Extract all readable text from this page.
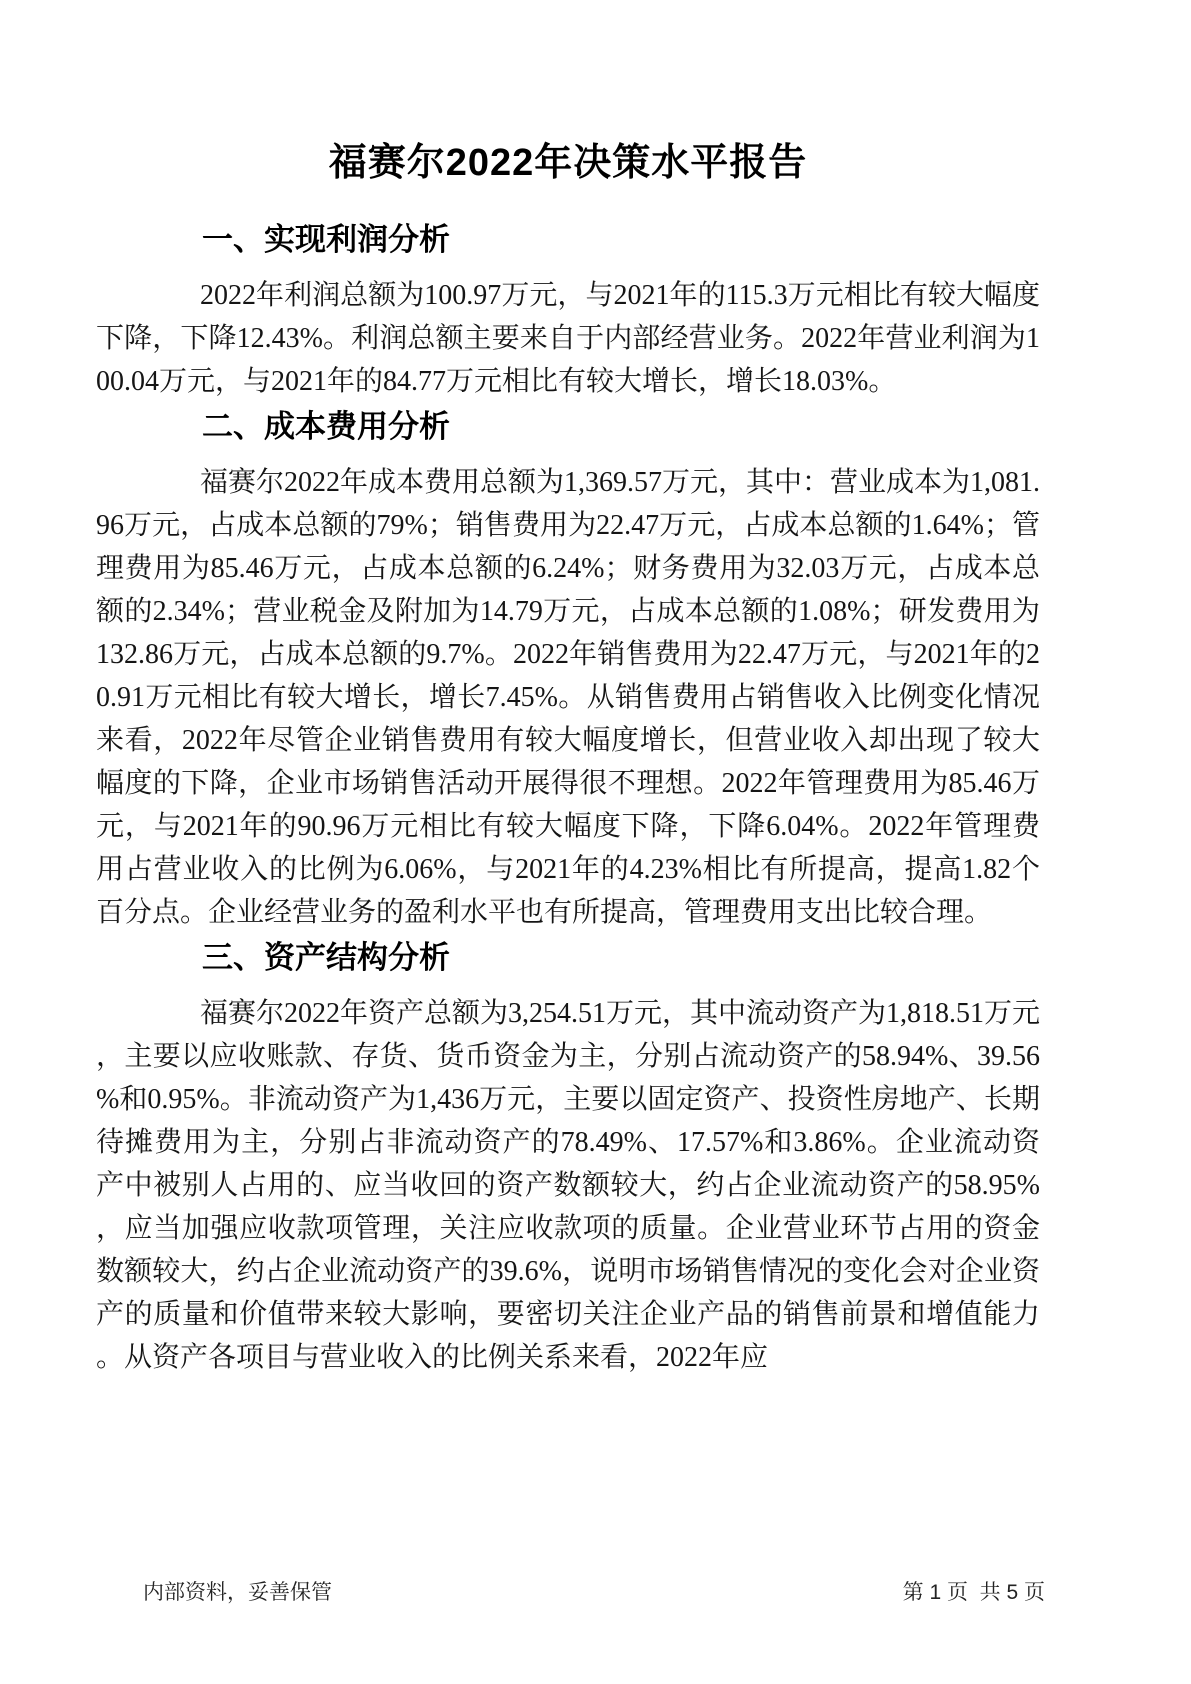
福赛尔2022年决策水平报告
一、实现利润分析

2022年利润总额为100.97万元，与2021年的115.3万元相比有较大幅度下降，下降12.43%。利润总额主要来自于内部经营业务。2022年营业利润为100.04万元，与2021年的84.77万元相比有较大增长，增长18.03%。

二、成本费用分析

福赛尔2022年成本费用总额为1,369.57万元，其中：营业成本为1,081.96万元，占成本总额的79%；销售费用为22.47万元，占成本总额的1.64%；管理费用为85.46万元，占成本总额的6.24%；财务费用为32.03万元，占成本总额的2.34%；营业税金及附加为14.79万元，占成本总额的1.08%；研发费用为132.86万元，占成本总额的9.7%。2022年销售费用为22.47万元，与2021年的20.91万元相比有较大增长，增长7.45%。从销售费用占销售收入比例变化情况来看，2022年尽管企业销售费用有较大幅度增长，但营业收入却出现了较大幅度的下降，企业市场销售活动开展得很不理想。2022年管理费用为85.46万元，与2021年的90.96万元相比有较大幅度下降，下降6.04%。2022年管理费用占营业收入的比例为6.06%，与2021年的4.23%相比有所提高，提高1.82个百分点。企业经营业务的盈利水平也有所提高，管理费用支出比较合理。

三、资产结构分析

福赛尔2022年资产总额为3,254.51万元，其中流动资产为1,818.51万元，主要以应收账款、存货、货币资金为主，分别占流动资产的58.94%、39.56%和0.95%。非流动资产为1,436万元，主要以固定资产、投资性房地产、长期待摊费用为主，分别占非流动资产的78.49%、17.57%和3.86%。企业流动资产中被别人占用的、应当收回的资产数额较大，约占企业流动资产的58.95%，应当加强应收款项管理，关注应收款项的质量。企业营业环节占用的资金数额较大，约占企业流动资产的39.6%，说明市场销售情况的变化会对企业资产的质量和价值带来较大影响，要密切关注企业产品的销售前景和增值能力。从资产各项目与营业收入的比例关系来看，2022年应

内部资料，妥善保管	第 1 页  共 5 页
